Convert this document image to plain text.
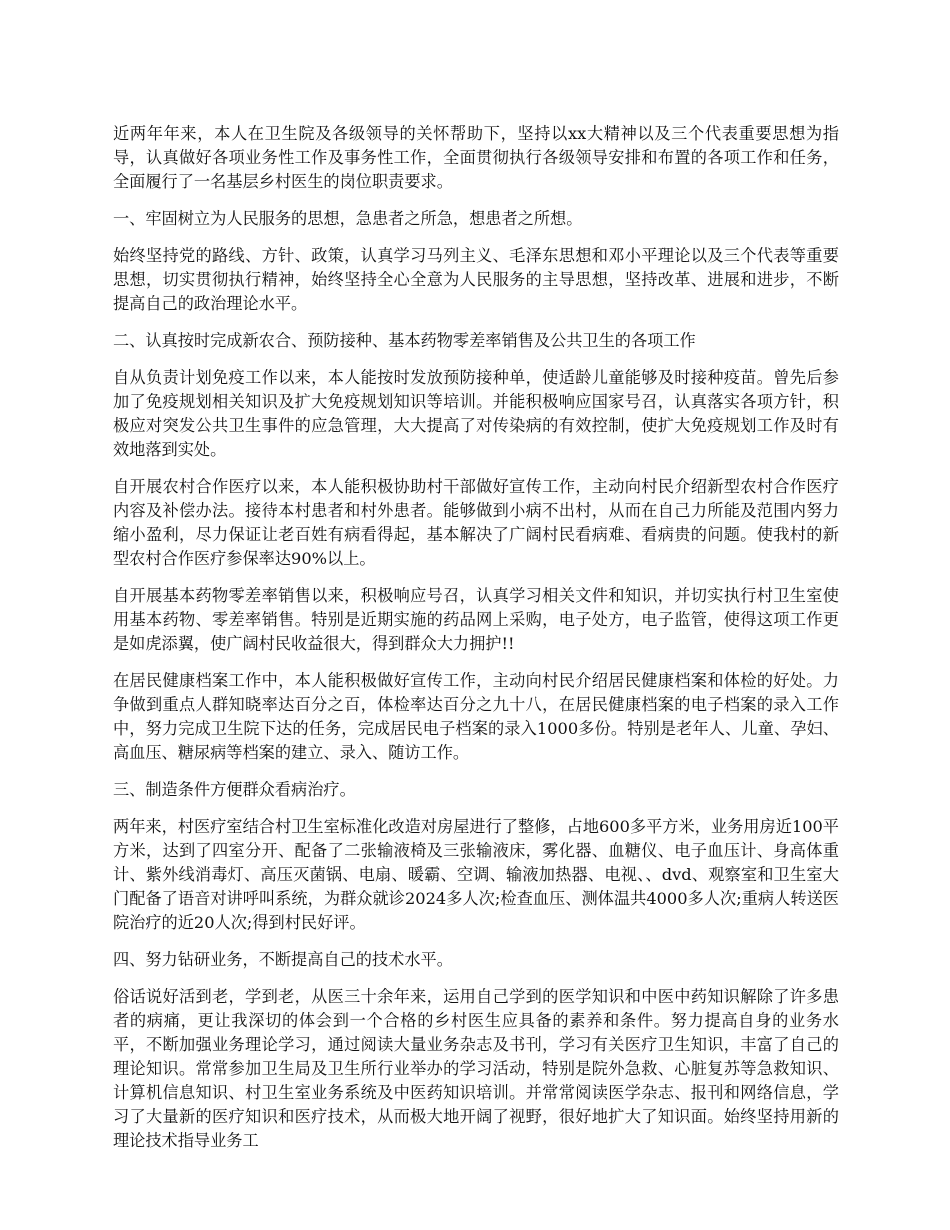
近两年年来，本人在卫生院及各级领导的关怀帮助下，坚持以xx大精神以及三个代表重要思想为指导，认真做好各项业务性工作及事务性工作，全面贯彻执行各级领导安排和布置的各项工作和任务，全面履行了一名基层乡村医生的岗位职责要求。

一、牢固树立为人民服务的思想，急患者之所急，想患者之所想。

始终坚持党的路线、方针、政策，认真学习马列主义、毛泽东思想和邓小平理论以及三个代表等重要思想，切实贯彻执行精神，始终坚持全心全意为人民服务的主导思想，坚持改革、进展和进步，不断提高自己的政治理论水平。

二、认真按时完成新农合、预防接种、基本药物零差率销售及公共卫生的各项工作

自从负责计划免疫工作以来，本人能按时发放预防接种单，使适龄儿童能够及时接种疫苗。曾先后参加了免疫规划相关知识及扩大免疫规划知识等培训。并能积极响应国家号召，认真落实各项方针，积极应对突发公共卫生事件的应急管理，大大提高了对传染病的有效控制，使扩大免疫规划工作及时有效地落到实处。

自开展农村合作医疗以来，本人能积极协助村干部做好宣传工作，主动向村民介绍新型农村合作医疗内容及补偿办法。接待本村患者和村外患者。能够做到小病不出村，从而在自己力所能及范围内努力缩小盈利，尽力保证让老百姓有病看得起，基本解决了广阔村民看病难、看病贵的问题。使我村的新型农村合作医疗参保率达90%以上。

自开展基本药物零差率销售以来，积极响应号召，认真学习相关文件和知识，并切实执行村卫生室使用基本药物、零差率销售。特别是近期实施的药品网上采购，电子处方，电子监管，使得这项工作更是如虎添翼，使广阔村民收益很大，得到群众大力拥护!!

在居民健康档案工作中，本人能积极做好宣传工作，主动向村民介绍居民健康档案和体检的好处。力争做到重点人群知晓率达百分之百，体检率达百分之九十八，在居民健康档案的电子档案的录入工作中，努力完成卫生院下达的任务，完成居民电子档案的录入1000多份。特别是老年人、儿童、孕妇、高血压、糖尿病等档案的建立、录入、随访工作。

三、制造条件方便群众看病治疗。

两年来，村医疗室结合村卫生室标准化改造对房屋进行了整修，占地600多平方米，业务用房近100平方米，达到了四室分开、配备了二张输液椅及三张输液床，雾化器、血糖仪、电子血压计、身高体重计、紫外线消毒灯、高压灭菌锅、电扇、暖霸、空调、输液加热器、电视、、dvd、观察室和卫生室大门配备了语音对讲呼叫系统，为群众就诊2024多人次;检查血压、测体温共4000多人次;重病人转送医院治疗的近20人次;得到村民好评。

四、努力钻研业务，不断提高自己的技术水平。

俗话说好活到老，学到老，从医三十余年来，运用自己学到的医学知识和中医中药知识解除了许多患者的病痛，更让我深切的体会到一个合格的乡村医生应具备的素养和条件。努力提高自身的业务水平，不断加强业务理论学习，通过阅读大量业务杂志及书刊，学习有关医疗卫生知识，丰富了自己的理论知识。常常参加卫生局及卫生所行业举办的学习活动，特别是院外急救、心脏复苏等急救知识、计算机信息知识、村卫生室业务系统及中医药知识培训。并常常阅读医学杂志、报刊和网络信息，学习了大量新的医疗知识和医疗技术，从而极大地开阔了视野，很好地扩大了知识面。始终坚持用新的理论技术指导业务工
